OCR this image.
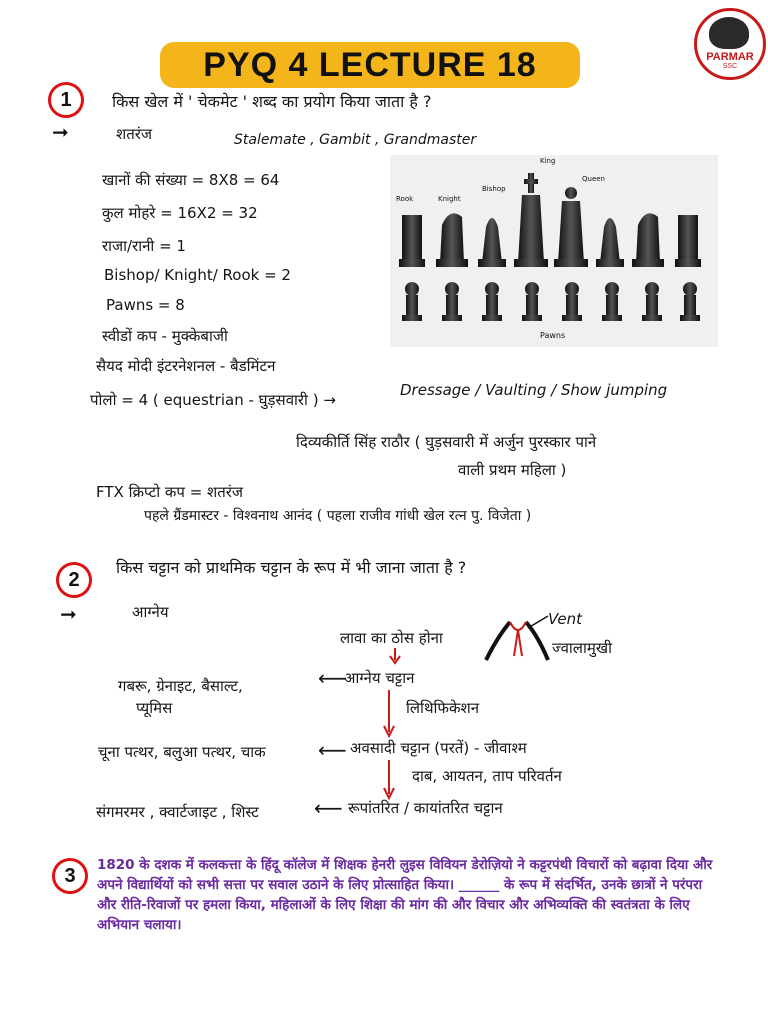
PYQ 4 LECTURE 18	PARMAR
SSC
1	किस खेल में ' चेकमेट ' शब्द का प्रयोग किया जाता है ?
➞	शतरंज	Stalemate , Gambit , Grandmaster
खानों की संख्या = 8X8 = 64
कुल मोहरे = 16X2 = 32
राजा/रानी = 1
Bishop/ Knight/ Rook = 2
Pawns = 8
स्वीडों कप - मुक्केबाजी
सैयद मोदी इंटरनेशनल - बैडमिंटन
पोलो = 4 ( equestrian - घुड़सवारी ) →
Dressage / Vaulting / Show jumping
दिव्यकीर्ति सिंह राठौर ( घुड़सवारी में अर्जुन पुरस्कार पाने
वाली प्रथम महिला )
FTX क्रिप्टो कप = शतरंज
पहले ग्रैंडमास्टर - विश्वनाथ आनंद ( पहला राजीव गांधी खेल रत्न पु. विजेता )
Rook	Knight
Bishop
King
Queen
Pawns
2
किस चट्टान को प्राथमिक चट्टान के रूप में भी जाना जाता है ?
➞	आग्नेय
लावा का ठोस होना
Vent
ज्वालामुखी
आग्नेय चट्टान
⟵
गबरू, ग्रेनाइट, बैसाल्ट,
प्यूमिस	लिथिफिकेशन
अवसादी चट्टान (परतें) - जीवाश्म
⟵
चूना पत्थर, बलुआ पत्थर, चाक
दाब, आयतन, ताप परिवर्तन
रूपांतरित / कायांतरित चट्टान
⟵
संगमरमर , क्वार्टजाइट , शिस्ट
3	1820 के दशक में कलकत्ता के हिंदू कॉलेज में शिक्षक हेनरी लुइस विवियन डेरोज़ियो ने कट्टरपंथी विचारों को बढ़ावा दिया और अपने विद्यार्थियों को सभी सत्ता पर सवाल उठाने के लिए प्रोत्साहित किया। ______ के रूप में संदर्भित, उनके छात्रों ने परंपरा और रीति-रिवाजों पर हमला किया, महिलाओं के लिए शिक्षा की मांग की और विचार और अभिव्यक्ति की स्वतंत्रता के लिए अभियान चलाया।
